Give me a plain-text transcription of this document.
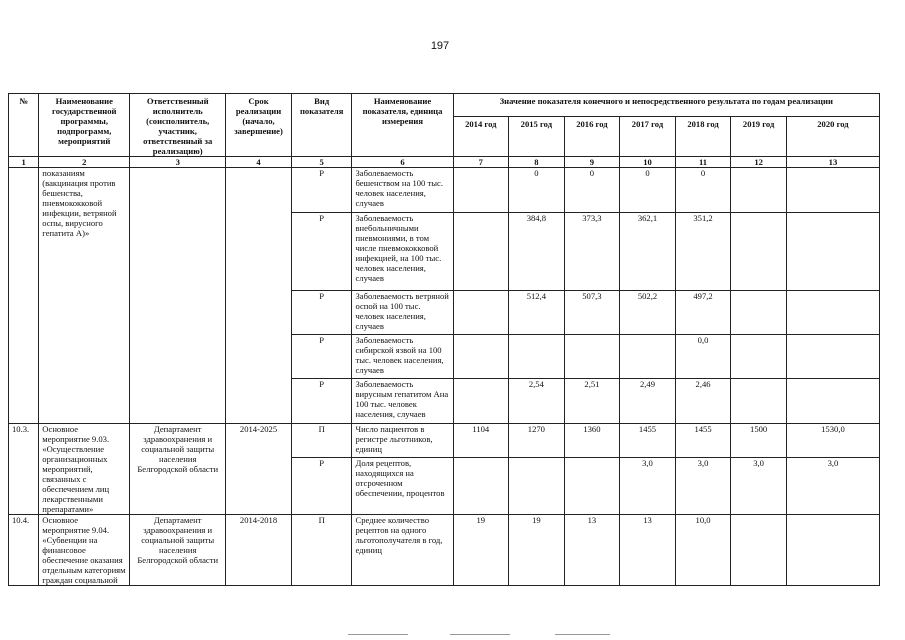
197
№	Наименование государственной программы, подпрограмм, мероприятий	Ответственный исполнитель (соисполнитель, участник, ответственный за реализацию)	Срок реализации (начало, завершение)	Вид показателя	Наименование показателя, единица измерения	Значение показателя конечного и непосредственного результата по годам реализации						
						2014 год	2015 год	2016 год	2017 год	2018 год	2019 год	2020 год
1	2	3	4	5	6	7	8	9	10	11	12	13
	показаниям (вакцинация против бешенства, пневмококковой инфекции, ветряной оспы, вирусного гепатита А)»			Р	Заболеваемость бешенством на 100 тыс. человек населения, случаев		0	0	0	0		
				Р	Заболеваемость внебольничными пневмониями, в том числе пневмококковой инфекцией, на 100 тыс. человек населения, случаев		384,8	373,3	362,1	351,2		
				Р	Заболеваемость ветряной оспой на 100 тыс. человек населения, случаев		512,4	507,3	502,2	497,2		
				Р	Заболеваемость сибирской язвой на 100 тыс. человек населения, случаев					0,0		
				Р	Заболеваемость вирусным гепатитом Ана 100 тыс. человек населения, случаев		2,54	2,51	2,49	2,46		
10.3.	Основное мероприятие 9.03. «Осуществление организационных мероприятий, связанных с обеспечением лиц лекарственными препаратами»	Департамент здравоохранения и социальной защиты населения Белгородской области	2014-2025	П	Число пациентов в регистре льготников, единиц	1104	1270	1360	1455	1455	1500	1530,0
				Р	Доля рецептов, находящихся на отсроченном обеспечении, процентов				3,0	3,0	3,0	3,0
10.4.	Основное мероприятие 9.04. «Субвенции на финансовое обеспечение оказания отдельным категориям граждан социальной	Департамент здравоохранения и социальной защиты населения Белгородской области	2014-2018	П	Среднее количество рецептов на одного льготополучателя в год, единиц	19	19	13	13	10,0		
